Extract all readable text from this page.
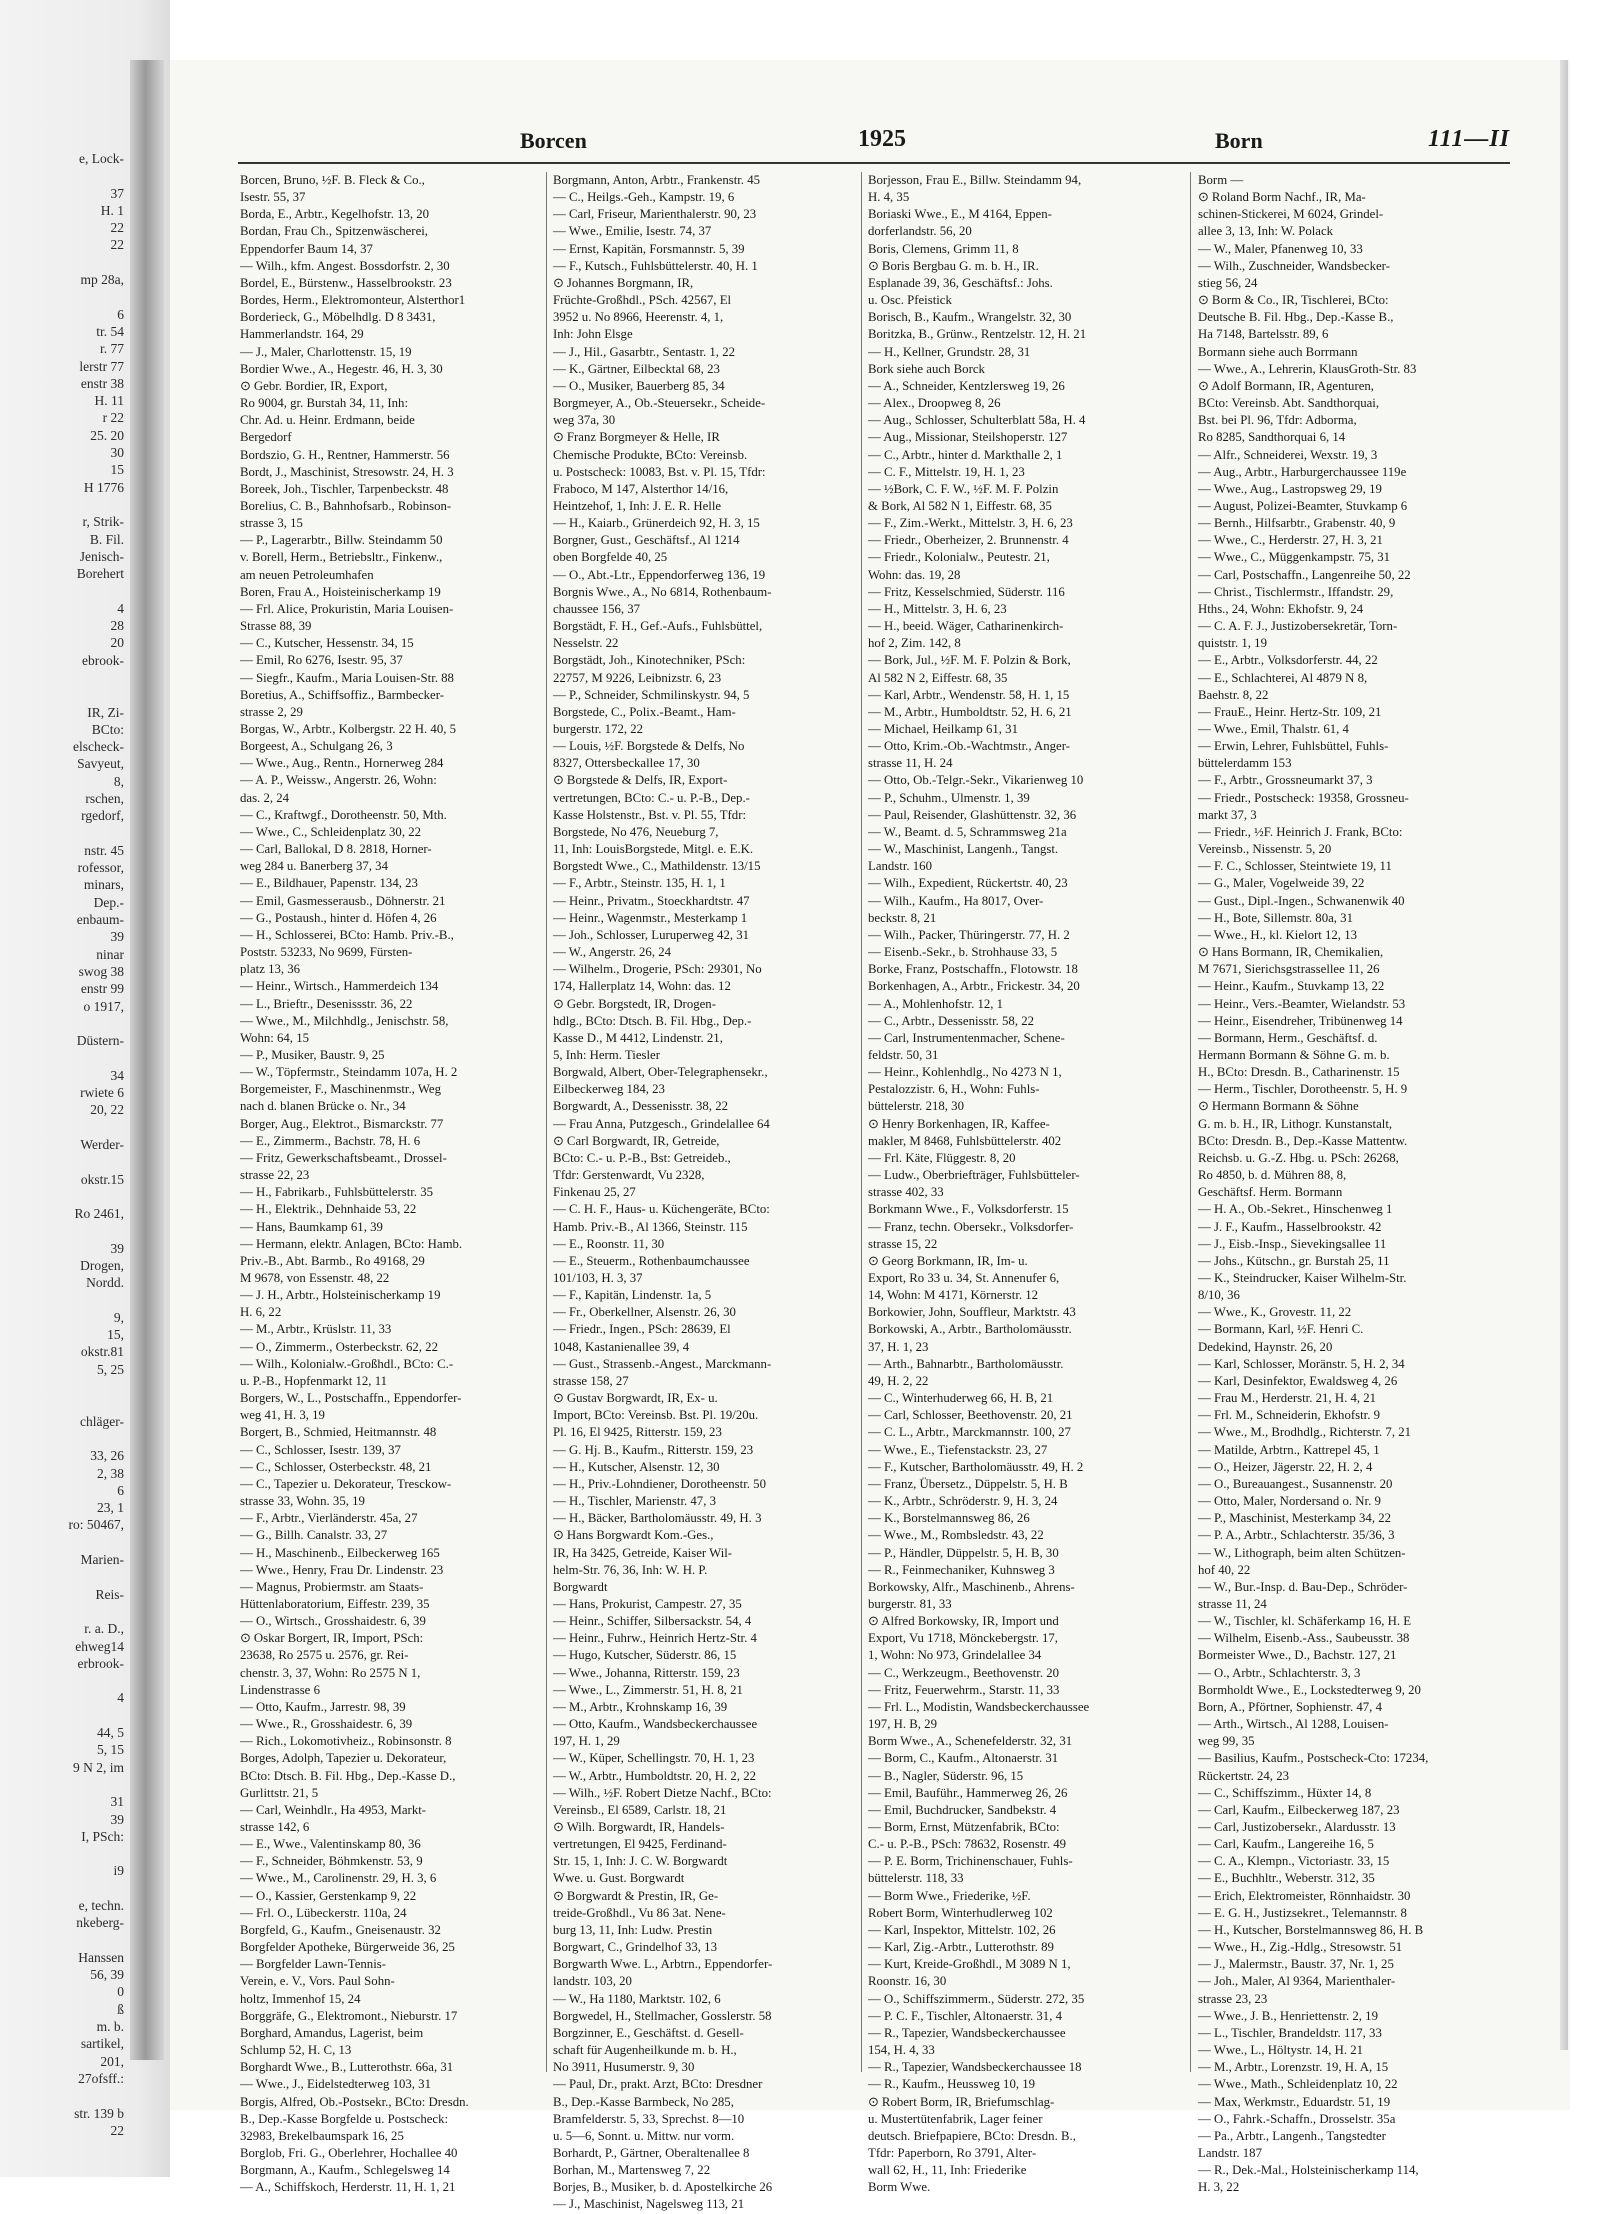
e, Lock-
37
H. 1
22
22
mp 28a,
6
tr. 54
r. 77
lerstr 77
enstr 38
H. 11
r 22
25. 20
30
15
H 1776
r, Strik-
B. Fil.
Jenisch-
Borehert
4
28
20
ebrook-
IR, Zi-
BCto:
elscheck-
Savyeut,
8,
rschen,
rgedorf,
nstr. 45
rofessor,
minars,
Dep.-
enbaum-
39
ninar
swog 38
enstr 99
o 1917,
Düstern-
34
rwiete 6
20, 22
Werder-
okstr.15
Ro 2461,
39
Drogen,
Nordd.
9,
15,
okstr.81
5, 25
chläger-
33, 26
2, 38
6
23, 1
ro: 50467,
Marien-
Reis-
r. a. D.,
ehweg14
erbrook-
4
44, 5
5, 15
9 N 2, im
31
39
I, PSch:
i9
e, techn.
nkeberg-
Hanssen
56, 39
0
ß
m. b.
sartikel,
201,
27ofsff.:
str. 139 b
22
Borcen	1925	Born	111—II
Borcen, Bruno, ½F. B. Fleck & Co.,
Isestr. 55, 37
Borda, E., Arbtr., Kegelhofstr. 13, 20
Bordan, Frau Ch., Spitzenwäscherei,
Eppendorfer Baum 14, 37
— Wilh., kfm. Angest. Bossdorfstr. 2, 30
Bordel, E., Bürstenw., Hasselbrookstr. 23
Bordes, Herm., Elektromonteur, Alsterthor1
Borderieck, G., Möbelhdlg. D 8 3431,
Hammerlandstr. 164, 29
— J., Maler, Charlottenstr. 15, 19
Bordier Wwe., A., Hegestr. 46, H. 3, 30
⊙ Gebr. Bordier, IR, Export,
Ro 9004, gr. Burstah 34, 11, Inh:
Chr. Ad. u. Heinr. Erdmann, beide
Bergedorf
Bordszio, G. H., Rentner, Hammerstr. 56
Bordt, J., Maschinist, Stresowstr. 24, H. 3
Boreek, Joh., Tischler, Tarpenbeckstr. 48
Borelius, C. B., Bahnhofsarb., Robinson-
strasse 3, 15
— P., Lagerarbtr., Billw. Steindamm 50
v. Borell, Herm., Betriebsltr., Finkenw.,
am neuen Petroleumhafen
Boren, Frau A., Hoisteinischerkamp 19
— Frl. Alice, Prokuristin, Maria Louisen-
Strasse 88, 39
— C., Kutscher, Hessenstr. 34, 15
— Emil, Ro 6276, Isestr. 95, 37
— Siegfr., Kaufm., Maria Louisen-Str. 88
Boretius, A., Schiffsoffiz., Barmbecker-
strasse 2, 29
Borgas, W., Arbtr., Kolbergstr. 22 H. 40, 5
Borgeest, A., Schulgang 26, 3
— Wwe., Aug., Rentn., Hornerweg 284
— A. P., Weissw., Angerstr. 26, Wohn:
das. 2, 24
— C., Kraftwgf., Dorotheenstr. 50, Mth.
— Wwe., C., Schleidenplatz 30, 22
— Carl, Ballokal, D 8. 2818, Horner-
weg 284 u. Banerberg 37, 34
— E., Bildhauer, Papenstr. 134, 23
— Emil, Gasmesserausb., Döhnerstr. 21
— G., Postaush., hinter d. Höfen 4, 26
— H., Schlosserei, BCto: Hamb. Priv.-B.,
Poststr. 53233, No 9699, Fürsten-
platz 13, 36
— Heinr., Wirtsch., Hammerdeich 134
— L., Brieftr., Desenissstr. 36, 22
— Wwe., M., Milchhdlg., Jenischstr. 58,
Wohn: 64, 15
— P., Musiker, Baustr. 9, 25
— W., Töpfermstr., Steindamm 107a, H. 2
Borgemeister, F., Maschinenmstr., Weg
nach d. blanen Brücke o. Nr., 34
Borger, Aug., Elektrot., Bismarckstr. 77
— E., Zimmerm., Bachstr. 78, H. 6
— Fritz, Gewerkschaftsbeamt., Drossel-
strasse 22, 23
— H., Fabrikarb., Fuhlsbüttelerstr. 35
— H., Elektrik., Dehnhaide 53, 22
— Hans, Baumkamp 61, 39
— Hermann, elektr. Anlagen, BCto: Hamb.
Priv.-B., Abt. Barmb., Ro 49168, 29
M 9678, von Essenstr. 48, 22
— J. H., Arbtr., Holsteinischerkamp 19
H. 6, 22
— M., Arbtr., Krüslstr. 11, 33
— O., Zimmerm., Osterbeckstr. 62, 22
— Wilh., Kolonialw.-Großhdl., BCto: C.-
u. P.-B., Hopfenmarkt 12, 11
Borgers, W., L., Postschaffn., Eppendorfer-
weg 41, H. 3, 19
Borgert, B., Schmied, Heitmannstr. 48
— C., Schlosser, Isestr. 139, 37
— C., Schlosser, Osterbeckstr. 48, 21
— C., Tapezier u. Dekorateur, Tresckow-
strasse 33, Wohn. 35, 19
— F., Arbtr., Vierländerstr. 45a, 27
— G., Billh. Canalstr. 33, 27
— H., Maschinenb., Eilbeckerweg 165
— Wwe., Henry, Frau Dr. Lindenstr. 23
— Magnus, Probiermstr. am Staats-
Hüttenlaboratorium, Eiffestr. 239, 35
— O., Wirtsch., Grosshaidestr. 6, 39
⊙ Oskar Borgert, IR, Import, PSch:
23638, Ro 2575 u. 2576, gr. Rei-
chenstr. 3, 37, Wohn: Ro 2575 N 1,
Lindenstrasse 6
— Otto, Kaufm., Jarrestr. 98, 39
— Wwe., R., Grosshaidestr. 6, 39
— Rich., Lokomotivheiz., Robinsonstr. 8
Borges, Adolph, Tapezier u. Dekorateur,
BCto: Dtsch. B. Fil. Hbg., Dep.-Kasse D.,
Gurlittstr. 21, 5
— Carl, Weinhdlr., Ha 4953, Markt-
strasse 142, 6
— E., Wwe., Valentinskamp 80, 36
— F., Schneider, Böhmkenstr. 53, 9
— Wwe., M., Carolinenstr. 29, H. 3, 6
— O., Kassier, Gerstenkamp 9, 22
— Frl. O., Lübeckerstr. 110a, 24
Borgfeld, G., Kaufm., Gneisenaustr. 32
Borgfelder Apotheke, Bürgerweide 36, 25
— Borgfelder Lawn-Tennis-
Verein, e. V., Vors. Paul Sohn-
holtz, Immenhof 15, 24
Borggräfe, G., Elektromont., Nieburstr. 17
Borghard, Amandus, Lagerist, beim
Schlump 52, H. C, 13
Borghardt Wwe., B., Lutterothstr. 66a, 31
— Wwe., J., Eidelstedterweg 103, 31
Borgis, Alfred, Ob.-Postsekr., BCto: Dresdn.
B., Dep.-Kasse Borgfelde u. Postscheck:
32983, Brekelbaumspark 16, 25
Borglob, Fri. G., Oberlehrer, Hochallee 40
Borgmann, A., Kaufm., Schlegelsweg 14
— A., Schiffskoch, Herderstr. 11, H. 1, 21
Borgmann, Anton, Arbtr., Frankenstr. 45
— C., Heilgs.-Geh., Kampstr. 19, 6
— Carl, Friseur, Marienthalerstr. 90, 23
— Wwe., Emilie, Isestr. 74, 37
— Ernst, Kapitän, Forsmannstr. 5, 39
— F., Kutsch., Fuhlsbüttelerstr. 40, H. 1
⊙ Johannes Borgmann, IR,
Früchte-Großhdl., PSch. 42567, El
3952 u. No 8966, Heerenstr. 4, 1,
Inh: John Elsge
— J., Hil., Gasarbtr., Sentastr. 1, 22
— K., Gärtner, Eilbecktal 68, 23
— O., Musiker, Bauerberg 85, 34
Borgmeyer, A., Ob.-Steuersekr., Scheide-
weg 37a, 30
⊙ Franz Borgmeyer & Helle, IR
Chemische Produkte, BCto: Vereinsb.
u. Postscheck: 10083, Bst. v. Pl. 15, Tfdr:
Fraboco, M 147, Alsterthor 14/16,
Heintzehof, 1, Inh: J. E. R. Helle
— H., Kaiarb., Grünerdeich 92, H. 3, 15
Borgner, Gust., Geschäftsf., Al 1214
oben Borgfelde 40, 25
— O., Abt.-Ltr., Eppendorferweg 136, 19
Borgnis Wwe., A., No 6814, Rothenbaum-
chaussee 156, 37
Borgstädt, F. H., Gef.-Aufs., Fuhlsbüttel,
Nesselstr. 22
Borgstädt, Joh., Kinotechniker, PSch:
22757, M 9226, Leibnizstr. 6, 23
— P., Schneider, Schmilinskystr. 94, 5
Borgstede, C., Polix.-Beamt., Ham-
burgerstr. 172, 22
— Louis, ½F. Borgstede & Delfs, No
8327, Ottersbeckallee 17, 30
⊙ Borgstede & Delfs, IR, Export-
vertretungen, BCto: C.- u. P.-B., Dep.-
Kasse Holstenstr., Bst. v. Pl. 55, Tfdr:
Borgstede, No 476, Neueburg 7,
11, Inh: LouisBorgstede, Mitgl. e. E.K.
Borgstedt Wwe., C., Mathildenstr. 13/15
— F., Arbtr., Steinstr. 135, H. 1, 1
— Heinr., Privatm., Stoeckhardtstr. 47
— Heinr., Wagenmstr., Mesterkamp 1
— Joh., Schlosser, Luruperweg 42, 31
— W., Angerstr. 26, 24
— Wilhelm., Drogerie, PSch: 29301, No
174, Hallerplatz 14, Wohn: das. 12
⊙ Gebr. Borgstedt, IR, Drogen-
hdlg., BCto: Dtsch. B. Fil. Hbg., Dep.-
Kasse D., M 4412, Lindenstr. 21,
5, Inh: Herm. Tiesler
Borgwald, Albert, Ober-Telegraphensekr.,
Eilbeckerweg 184, 23
Borgwardt, A., Dessenisstr. 38, 22
— Frau Anna, Putzgesch., Grindelallee 64
⊙ Carl Borgwardt, IR, Getreide,
BCto: C.- u. P.-B., Bst: Getreideb.,
Tfdr: Gerstenwardt, Vu 2328,
Finkenau 25, 27
— C. H. F., Haus- u. Küchengeräte, BCto:
Hamb. Priv.-B., Al 1366, Steinstr. 115
— E., Roonstr. 11, 30
— E., Steuerm., Rothenbaumchaussee
101/103, H. 3, 37
— F., Kapitän, Lindenstr. 1a, 5
— Fr., Oberkellner, Alsenstr. 26, 30
— Friedr., Ingen., PSch: 28639, El
1048, Kastanienallee 39, 4
— Gust., Strassenb.-Angest., Marckmann-
strasse 158, 27
⊙ Gustav Borgwardt, IR, Ex- u.
Import, BCto: Vereinsb. Bst. Pl. 19/20u.
Pl. 16, El 9425, Ritterstr. 159, 23
— G. Hj. B., Kaufm., Ritterstr. 159, 23
— H., Kutscher, Alsenstr. 12, 30
— H., Priv.-Lohndiener, Dorotheenstr. 50
— H., Tischler, Marienstr. 47, 3
— H., Bäcker, Bartholomäusstr. 49, H. 3
⊙ Hans Borgwardt Kom.-Ges.,
IR, Ha 3425, Getreide, Kaiser Wil-
helm-Str. 76, 36, Inh: W. H. P.
Borgwardt
— Hans, Prokurist, Campestr. 27, 35
— Heinr., Schiffer, Silbersackstr. 54, 4
— Heinr., Fuhrw., Heinrich Hertz-Str. 4
— Hugo, Kutscher, Süderstr. 86, 15
— Wwe., Johanna, Ritterstr. 159, 23
— Wwe., L., Zimmerstr. 51, H. 8, 21
— M., Arbtr., Krohnskamp 16, 39
— Otto, Kaufm., Wandsbeckerchaussee
197, H. 1, 29
— W., Küper, Schellingstr. 70, H. 1, 23
— W., Arbtr., Humboldtstr. 20, H. 2, 22
— Wilh., ½F. Robert Dietze Nachf., BCto:
Vereinsb., El 6589, Carlstr. 18, 21
⊙ Wilh. Borgwardt, IR, Handels-
vertretungen, El 9425, Ferdinand-
Str. 15, 1, Inh: J. C. W. Borgwardt
Wwe. u. Gust. Borgwardt
⊙ Borgwardt & Prestin, IR, Ge-
treide-Großhdl., Vu 86 3at. Nene-
burg 13, 11, Inh: Ludw. Prestin
Borgwart, C., Grindelhof 33, 13
Borgwarth Wwe. L., Arbtrn., Eppendorfer-
landstr. 103, 20
— W., Ha 1180, Marktstr. 102, 6
Borgwedel, H., Stellmacher, Gosslerstr. 58
Borgzinner, E., Geschäftst. d. Gesell-
schaft für Augenheilkunde m. b. H.,
No 3911, Husumerstr. 9, 30
— Paul, Dr., prakt. Arzt, BCto: Dresdner
B., Dep.-Kasse Barmbeck, No 285,
Bramfelderstr. 5, 33, Sprechst. 8—10
u. 5—6, Sonnt. u. Mittw. nur vorm.
Borhardt, P., Gärtner, Oberaltenallee 8
Borhan, M., Martensweg 7, 22
Borjes, B., Musiker, b. d. Apostelkirche 26
— J., Maschinist, Nagelsweg 113, 21
Borjesson, Frau E., Billw. Steindamm 94,
H. 4, 35
Boriaski Wwe., E., M 4164, Eppen-
dorferlandstr. 56, 20
Boris, Clemens, Grimm 11, 8
⊙ Boris Bergbau G. m. b. H., IR.
Esplanade 39, 36, Geschäftsf.: Johs.
u. Osc. Pfeistick
Borisch, B., Kaufm., Wrangelstr. 32, 30
Boritzka, B., Grünw., Rentzelstr. 12, H. 21
— H., Kellner, Grundstr. 28, 31
Bork siehe auch Borck
— A., Schneider, Kentzlersweg 19, 26
— Alex., Droopweg 8, 26
— Aug., Schlosser, Schulterblatt 58a, H. 4
— Aug., Missionar, Steilshoperstr. 127
— C., Arbtr., hinter d. Markthalle 2, 1
— C. F., Mittelstr. 19, H. 1, 23
— ½Bork, C. F. W., ½F. M. F. Polzin
& Bork, Al 582 N 1, Eiffestr. 68, 35
— F., Zim.-Werkt., Mittelstr. 3, H. 6, 23
— Friedr., Oberheizer, 2. Brunnenstr. 4
— Friedr., Kolonialw., Peutestr. 21,
Wohn: das. 19, 28
— Fritz, Kesselschmied, Süderstr. 116
— H., Mittelstr. 3, H. 6, 23
— H., beeid. Wäger, Catharinenkirch-
hof 2, Zim. 142, 8
— Bork, Jul., ½F. M. F. Polzin & Bork,
Al 582 N 2, Eiffestr. 68, 35
— Karl, Arbtr., Wendenstr. 58, H. 1, 15
— M., Arbtr., Humboldtstr. 52, H. 6, 21
— Michael, Heilkamp 61, 31
— Otto, Krim.-Ob.-Wachtmstr., Anger-
strasse 11, H. 24
— Otto, Ob.-Telgr.-Sekr., Vikarienweg 10
— P., Schuhm., Ulmenstr. 1, 39
— Paul, Reisender, Glashüttenstr. 32, 36
— W., Beamt. d. 5, Schrammsweg 21a
— W., Maschinist, Langenh., Tangst.
Landstr. 160
— Wilh., Expedient, Rückertstr. 40, 23
— Wilh., Kaufm., Ha 8017, Over-
beckstr. 8, 21
— Wilh., Packer, Thüringerstr. 77, H. 2
— Eisenb.-Sekr., b. Strohhause 33, 5
Borke, Franz, Postschaffn., Flotowstr. 18
Borkenhagen, A., Arbtr., Frickestr. 34, 20
— A., Mohlenhofstr. 12, 1
— C., Arbtr., Dessenisstr. 58, 22
— Carl, Instrumentenmacher, Schene-
feldstr. 50, 31
— Heinr., Kohlenhdlg., No 4273 N 1,
Pestalozzistr. 6, H., Wohn: Fuhls-
büttelerstr. 218, 30
⊙ Henry Borkenhagen, IR, Kaffee-
makler, M 8468, Fuhlsbüttelerstr. 402
— Frl. Käte, Flüggestr. 8, 20
— Ludw., Oberbriefträger, Fuhlsbütteler-
strasse 402, 33
Borkmann Wwe., F., Volksdorferstr. 15
— Franz, techn. Obersekr., Volksdorfer-
strasse 15, 22
⊙ Georg Borkmann, IR, Im- u.
Export, Ro 33 u. 34, St. Annenufer 6,
14, Wohn: M 4171, Körnerstr. 12
Borkowier, John, Souffleur, Marktstr. 43
Borkowski, A., Arbtr., Bartholomäusstr.
37, H. 1, 23
— Arth., Bahnarbtr., Bartholomäusstr.
49, H. 2, 22
— C., Winterhuderweg 66, H. B, 21
— Carl, Schlosser, Beethovenstr. 20, 21
— C. L., Arbtr., Marckmannstr. 100, 27
— Wwe., E., Tiefenstackstr. 23, 27
— F., Kutscher, Bartholomäusstr. 49, H. 2
— Franz, Übersetz., Düppelstr. 5, H. B
— K., Arbtr., Schröderstr. 9, H. 3, 24
— K., Borstelmannsweg 86, 26
— Wwe., M., Rombsledstr. 43, 22
— P., Händler, Düppelstr. 5, H. B, 30
— R., Feinmechaniker, Kuhnsweg 3
Borkowsky, Alfr., Maschinenb., Ahrens-
burgerstr. 81, 33
⊙ Alfred Borkowsky, IR, Import und
Export, Vu 1718, Mönckebergstr. 17,
1, Wohn: No 973, Grindelallee 34
— C., Werkzeugm., Beethovenstr. 20
— Fritz, Feuerwehrm., Starstr. 11, 33
— Frl. L., Modistin, Wandsbeckerchaussee
197, H. B, 29
Borm Wwe., A., Schenefelderstr. 32, 31
— Borm, C., Kaufm., Altonaerstr. 31
— B., Nagler, Süderstr. 96, 15
— Emil, Bauführ., Hammerweg 26, 26
— Emil, Buchdrucker, Sandbekstr. 4
— Borm, Ernst, Mützenfabrik, BCto:
C.- u. P.-B., PSch: 78632, Rosenstr. 49
— P. E. Borm, Trichinenschauer, Fuhls-
büttelerstr. 118, 33
— Borm Wwe., Friederike, ½F.
Robert Borm, Winterhudlerweg 102
— Karl, Inspektor, Mittelstr. 102, 26
— Karl, Zig.-Arbtr., Lutterothstr. 89
— Kurt, Kreide-Großhdl., M 3089 N 1,
Roonstr. 16, 30
— O., Schiffszimmerm., Süderstr. 272, 35
— P. C. F., Tischler, Altonaerstr. 31, 4
— R., Tapezier, Wandsbeckerchaussee
154, H. 4, 33
— R., Tapezier, Wandsbeckerchaussee 18
— R., Kaufm., Heussweg 10, 19
⊙ Robert Borm, IR, Briefumschlag-
u. Mustertütenfabrik, Lager feiner
deutsch. Briefpapiere, BCto: Dresdn. B.,
Tfdr: Paperborn, Ro 3791, Alter-
wall 62, H., 11, Inh: Friederike
Borm Wwe.
Borm —
⊙ Roland Borm Nachf., IR, Ma-
schinen-Stickerei, M 6024, Grindel-
allee 3, 13, Inh: W. Polack
— W., Maler, Pfanenweg 10, 33
— Wilh., Zuschneider, Wandsbecker-
stieg 56, 24
⊙ Borm & Co., IR, Tischlerei, BCto:
Deutsche B. Fil. Hbg., Dep.-Kasse B.,
Ha 7148, Bartelsstr. 89, 6
Bormann siehe auch Borrmann
— Wwe., A., Lehrerin, KlausGroth-Str. 83
⊙ Adolf Bormann, IR, Agenturen,
BCto: Vereinsb. Abt. Sandthorquai,
Bst. bei Pl. 96, Tfdr: Adborma,
Ro 8285, Sandthorquai 6, 14
— Alfr., Schneiderei, Wexstr. 19, 3
— Aug., Arbtr., Harburgerchaussee 119e
— Wwe., Aug., Lastropsweg 29, 19
— August, Polizei-Beamter, Stuvkamp 6
— Bernh., Hilfsarbtr., Grabenstr. 40, 9
— Wwe., C., Herderstr. 27, H. 3, 21
— Wwe., C., Müggenkampstr. 75, 31
— Carl, Postschaffn., Langenreihe 50, 22
— Christ., Tischlermstr., Iffandstr. 29,
Hths., 24, Wohn: Ekhofstr. 9, 24
— C. A. F. J., Justizobersekretär, Torn-
quiststr. 1, 19
— E., Arbtr., Volksdorferstr. 44, 22
— E., Schlachterei, Al 4879 N 8,
Baehstr. 8, 22
— FrauE., Heinr. Hertz-Str. 109, 21
— Wwe., Emil, Thalstr. 61, 4
— Erwin, Lehrer, Fuhlsbüttel, Fuhls-
büttelerdamm 153
— F., Arbtr., Grossneumarkt 37, 3
— Friedr., Postscheck: 19358, Grossneu-
markt 37, 3
— Friedr., ½F. Heinrich J. Frank, BCto:
Vereinsb., Nissenstr. 5, 20
— F. C., Schlosser, Steintwiete 19, 11
— G., Maler, Vogelweide 39, 22
— Gust., Dipl.-Ingen., Schwanenwik 40
— H., Bote, Sillemstr. 80a, 31
— Wwe., H., kl. Kielort 12, 13
⊙ Hans Bormann, IR, Chemikalien,
M 7671, Sierichsgstrassellee 11, 26
— Heinr., Kaufm., Stuvkamp 13, 22
— Heinr., Vers.-Beamter, Wielandstr. 53
— Heinr., Eisendreher, Tribünenweg 14
— Bormann, Herm., Geschäftsf. d.
Hermann Bormann & Söhne G. m. b.
H., BCto: Dresdn. B., Catharinenstr. 15
— Herm., Tischler, Dorotheenstr. 5, H. 9
⊙ Hermann Bormann & Söhne
G. m. b. H., IR, Lithogr. Kunstanstalt,
BCto: Dresdn. B., Dep.-Kasse Mattentw.
Reichsb. u. G.-Z. Hbg. u. PSch: 26268,
Ro 4850, b. d. Mühren 88, 8,
Geschäftsf. Herm. Bormann
— H. A., Ob.-Sekret., Hinschenweg 1
— J. F., Kaufm., Hasselbrookstr. 42
— J., Eisb.-Insp., Sievekingsallee 11
— Johs., Kütschn., gr. Burstah 25, 11
— K., Steindrucker, Kaiser Wilhelm-Str.
8/10, 36
— Wwe., K., Grovestr. 11, 22
— Bormann, Karl, ½F. Henri C.
Dedekind, Haynstr. 26, 20
— Karl, Schlosser, Moränstr. 5, H. 2, 34
— Karl, Desinfektor, Ewaldsweg 4, 26
— Frau M., Herderstr. 21, H. 4, 21
— Frl. M., Schneiderin, Ekhofstr. 9
— Wwe., M., Brodhdlg., Richterstr. 7, 21
— Matilde, Arbtrn., Kattrepel 45, 1
— O., Heizer, Jägerstr. 22, H. 2, 4
— O., Bureauangest., Susannenstr. 20
— Otto, Maler, Nordersand o. Nr. 9
— P., Maschinist, Mesterkamp 34, 22
— P. A., Arbtr., Schlachterstr. 35/36, 3
— W., Lithograph, beim alten Schützen-
hof 40, 22
— W., Bur.-Insp. d. Bau-Dep., Schröder-
strasse 11, 24
— W., Tischler, kl. Schäferkamp 16, H. E
— Wilhelm, Eisenb.-Ass., Saubeusstr. 38
Bormeister Wwe., D., Bachstr. 127, 21
— O., Arbtr., Schlachterstr. 3, 3
Bormholdt Wwe., E., Lockstedterweg 9, 20
Born, A., Pförtner, Sophienstr. 47, 4
— Arth., Wirtsch., Al 1288, Louisen-
weg 99, 35
— Basilius, Kaufm., Postscheck-Cto: 17234,
Rückertstr. 24, 23
— C., Schiffszimm., Hüxter 14, 8
— Carl, Kaufm., Eilbeckerweg 187, 23
— Carl, Justizobersekr., Alardusstr. 13
— Carl, Kaufm., Langereihe 16, 5
— C. A., Klempn., Victoriastr. 33, 15
— E., Buchhltr., Weberstr. 312, 35
— Erich, Elektromeister, Rönnhaidstr. 30
— E. G. H., Justizsekret., Telemannstr. 8
— H., Kutscher, Borstelmannsweg 86, H. B
— Wwe., H., Zig.-Hdlg., Stresowstr. 51
— J., Malermstr., Baustr. 37, Nr. 1, 25
— Joh., Maler, Al 9364, Marienthaler-
strasse 23, 23
— Wwe., J. B., Henriettenstr. 2, 19
— L., Tischler, Brandeldstr. 117, 33
— Wwe., L., Höltystr. 14, H. 21
— M., Arbtr., Lorenzstr. 19, H. A, 15
— Wwe., Math., Schleidenplatz 10, 22
— Max, Werkmstr., Eduardstr. 51, 19
— O., Fahrk.-Schaffn., Drosselstr. 35a
— Pa., Arbtr., Langenh., Tangstedter
Landstr. 187
— R., Dek.-Mal., Holsteinischerkamp 114,
H. 3, 22
